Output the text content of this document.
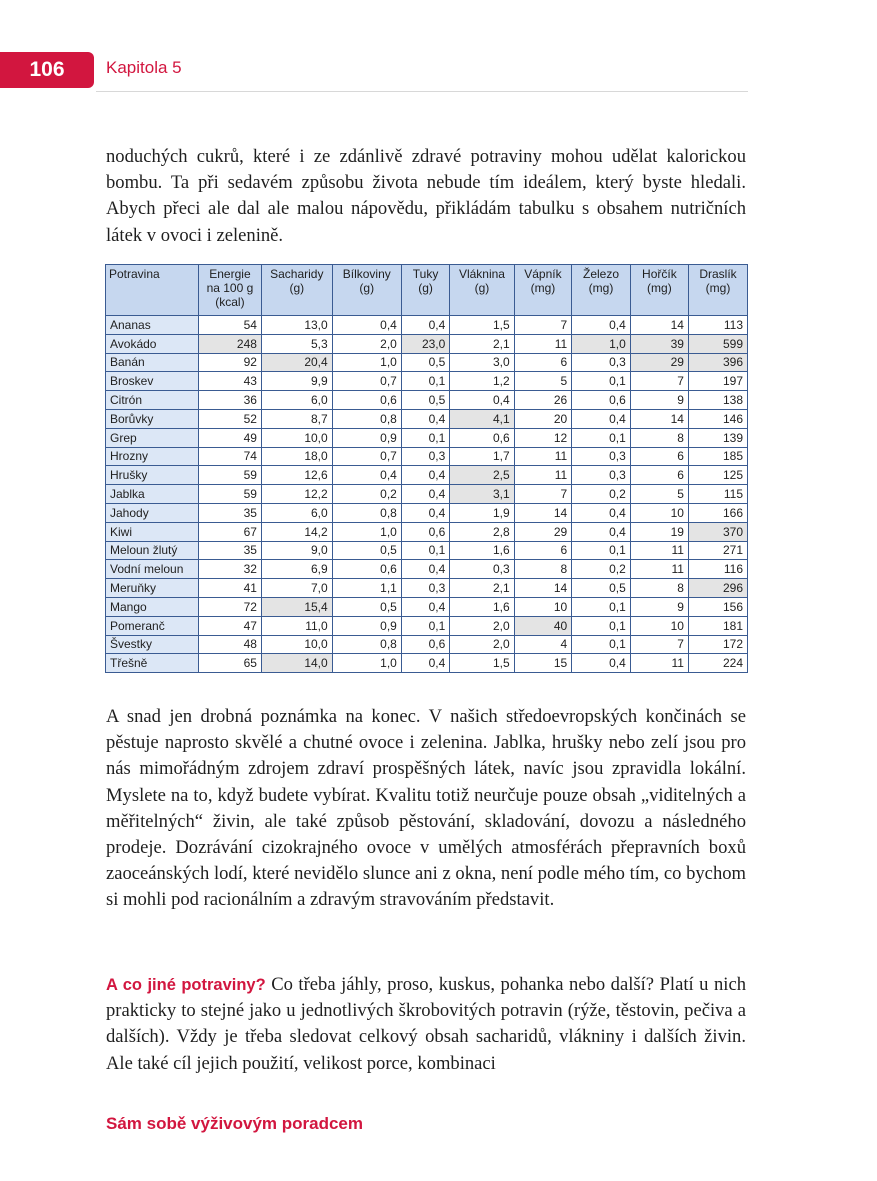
106	Kapitola 5

noduchých cukrů, které i ze zdánlivě zdravé potraviny mohou udělat kalorickou bombu. Ta při sedavém způsobu života nebude tím ideálem, který byste hledali. Abych přeci ale dal ale malou nápovědu, přikládám tabulku s obsahem nutričních látek v ovoci i zelenině.

Potravina	Energie na 100 g (kcal)	Sacharidy (g)	Bílkoviny (g)	Tuky (g)	Vláknina (g)	Vápník (mg)	Železo (mg)	Hořčík (mg)	Draslík (mg)
Ananas	54	13,0	0,4	0,4	1,5	7	0,4	14	113
Avokádo	248	5,3	2,0	23,0	2,1	11	1,0	39	599
Banán	92	20,4	1,0	0,5	3,0	6	0,3	29	396
Broskev	43	9,9	0,7	0,1	1,2	5	0,1	7	197
Citrón	36	6,0	0,6	0,5	0,4	26	0,6	9	138
Borůvky	52	8,7	0,8	0,4	4,1	20	0,4	14	146
Grep	49	10,0	0,9	0,1	0,6	12	0,1	8	139
Hrozny	74	18,0	0,7	0,3	1,7	11	0,3	6	185
Hrušky	59	12,6	0,4	0,4	2,5	11	0,3	6	125
Jablka	59	12,2	0,2	0,4	3,1	7	0,2	5	115
Jahody	35	6,0	0,8	0,4	1,9	14	0,4	10	166
Kiwi	67	14,2	1,0	0,6	2,8	29	0,4	19	370
Meloun žlutý	35	9,0	0,5	0,1	1,6	6	0,1	11	271
Vodní meloun	32	6,9	0,6	0,4	0,3	8	0,2	11	116
Meruňky	41	7,0	1,1	0,3	2,1	14	0,5	8	296
Mango	72	15,4	0,5	0,4	1,6	10	0,1	9	156
Pomeranč	47	11,0	0,9	0,1	2,0	40	0,1	10	181
Švestky	48	10,0	0,8	0,6	2,0	4	0,1	7	172
Třešně	65	14,0	1,0	0,4	1,5	15	0,4	11	224

A snad jen drobná poznámka na konec. V našich středoevropských končinách se pěstuje naprosto skvělé a chutné ovoce i zelenina. Jablka, hrušky nebo zelí jsou pro nás mimořádným zdrojem zdraví prospěšných látek, navíc jsou zpravidla lokální. Myslete na to, když budete vybírat. Kvalitu totiž neurčuje pouze obsah „viditelných a měřitelných“ živin, ale také způsob pěstování, skladování, dovozu a následného prodeje. Dozrávání cizokrajného ovoce v umělých atmosférách přepravních boxů zaoceánských lodí, které nevidělo slunce ani z okna, není podle mého tím, co bychom si mohli pod racionálním a zdravým stravováním představit.

A co jiné potraviny? Co třeba jáhly, proso, kuskus, pohanka nebo další? Platí u nich prakticky to stejné jako u jednotlivých škrobovitých potravin (rýže, těstovin, pečiva a dalších). Vždy je třeba sledovat celkový obsah sacharidů, vlákniny i dalších živin. Ale také cíl jejich použití, velikost porce, kombinaci

Sám sobě výživovým poradcem
